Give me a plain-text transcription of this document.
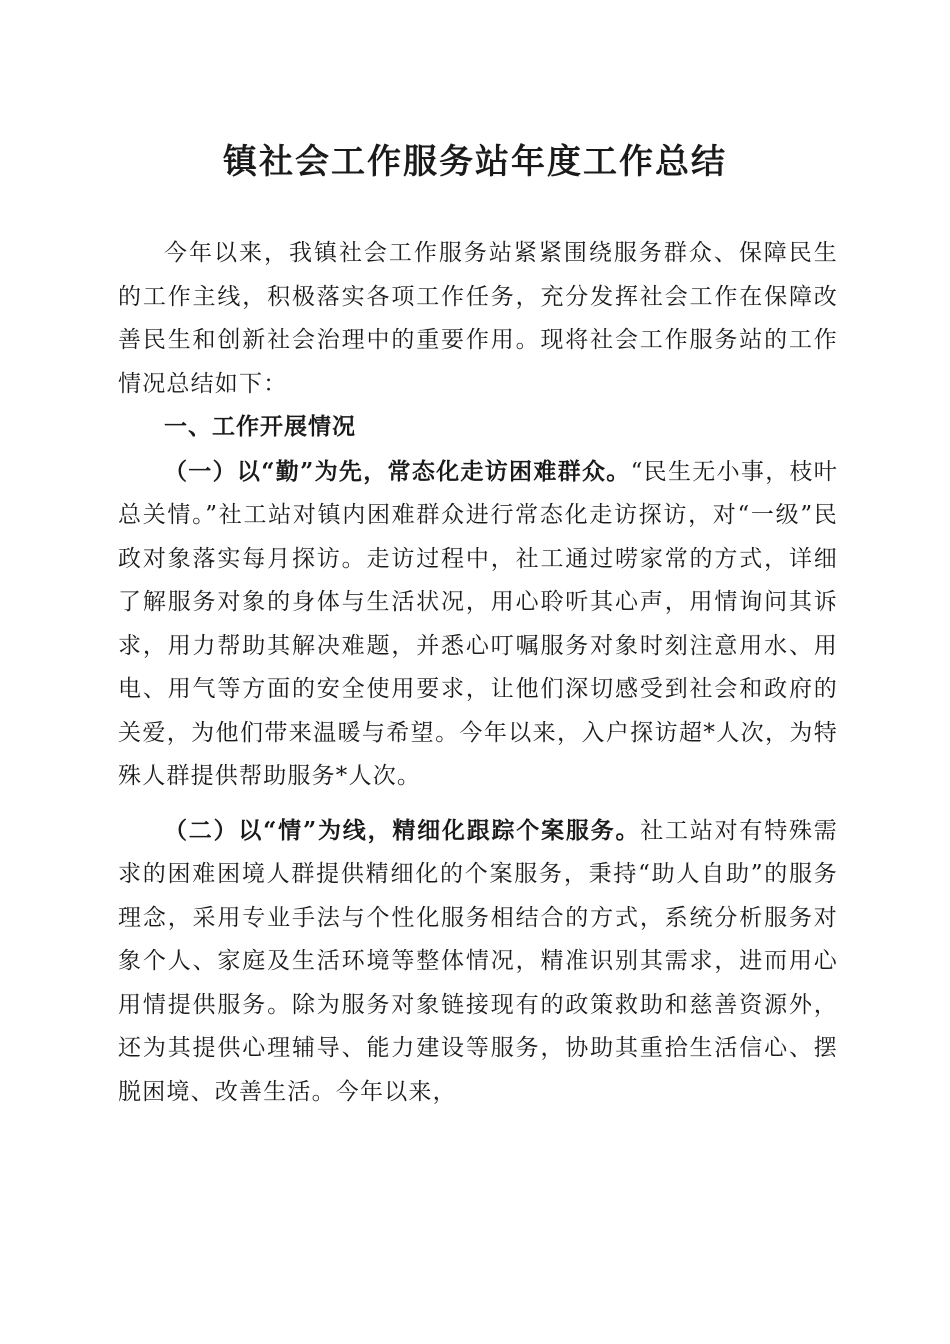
镇社会工作服务站年度工作总结

今年以来，我镇社会工作服务站紧紧围绕服务群众、保障民生的工作主线，积极落实各项工作任务，充分发挥社会工作在保障改善民生和创新社会治理中的重要作用。现将社会工作服务站的工作情况总结如下：

一、工作开展情况

（一）以“勤”为先，常态化走访困难群众。“民生无小事，枝叶总关情。”社工站对镇内困难群众进行常态化走访探访，对“一级”民政对象落实每月探访。走访过程中，社工通过唠家常的方式，详细了解服务对象的身体与生活状况，用心聆听其心声，用情询问其诉求，用力帮助其解决难题，并悉心叮嘱服务对象时刻注意用水、用电、用气等方面的安全使用要求，让他们深切感受到社会和政府的关爱，为他们带来温暖与希望。今年以来，入户探访超*人次，为特殊人群提供帮助服务*人次。

（二）以“情”为线，精细化跟踪个案服务。社工站对有特殊需求的困难困境人群提供精细化的个案服务，秉持“助人自助”的服务理念，采用专业手法与个性化服务相结合的方式，系统分析服务对象个人、家庭及生活环境等整体情况，精准识别其需求，进而用心用情提供服务。除为服务对象链接现有的政策救助和慈善资源外，还为其提供心理辅导、能力建设等服务，协助其重拾生活信心、摆脱困境、改善生活。今年以来，
